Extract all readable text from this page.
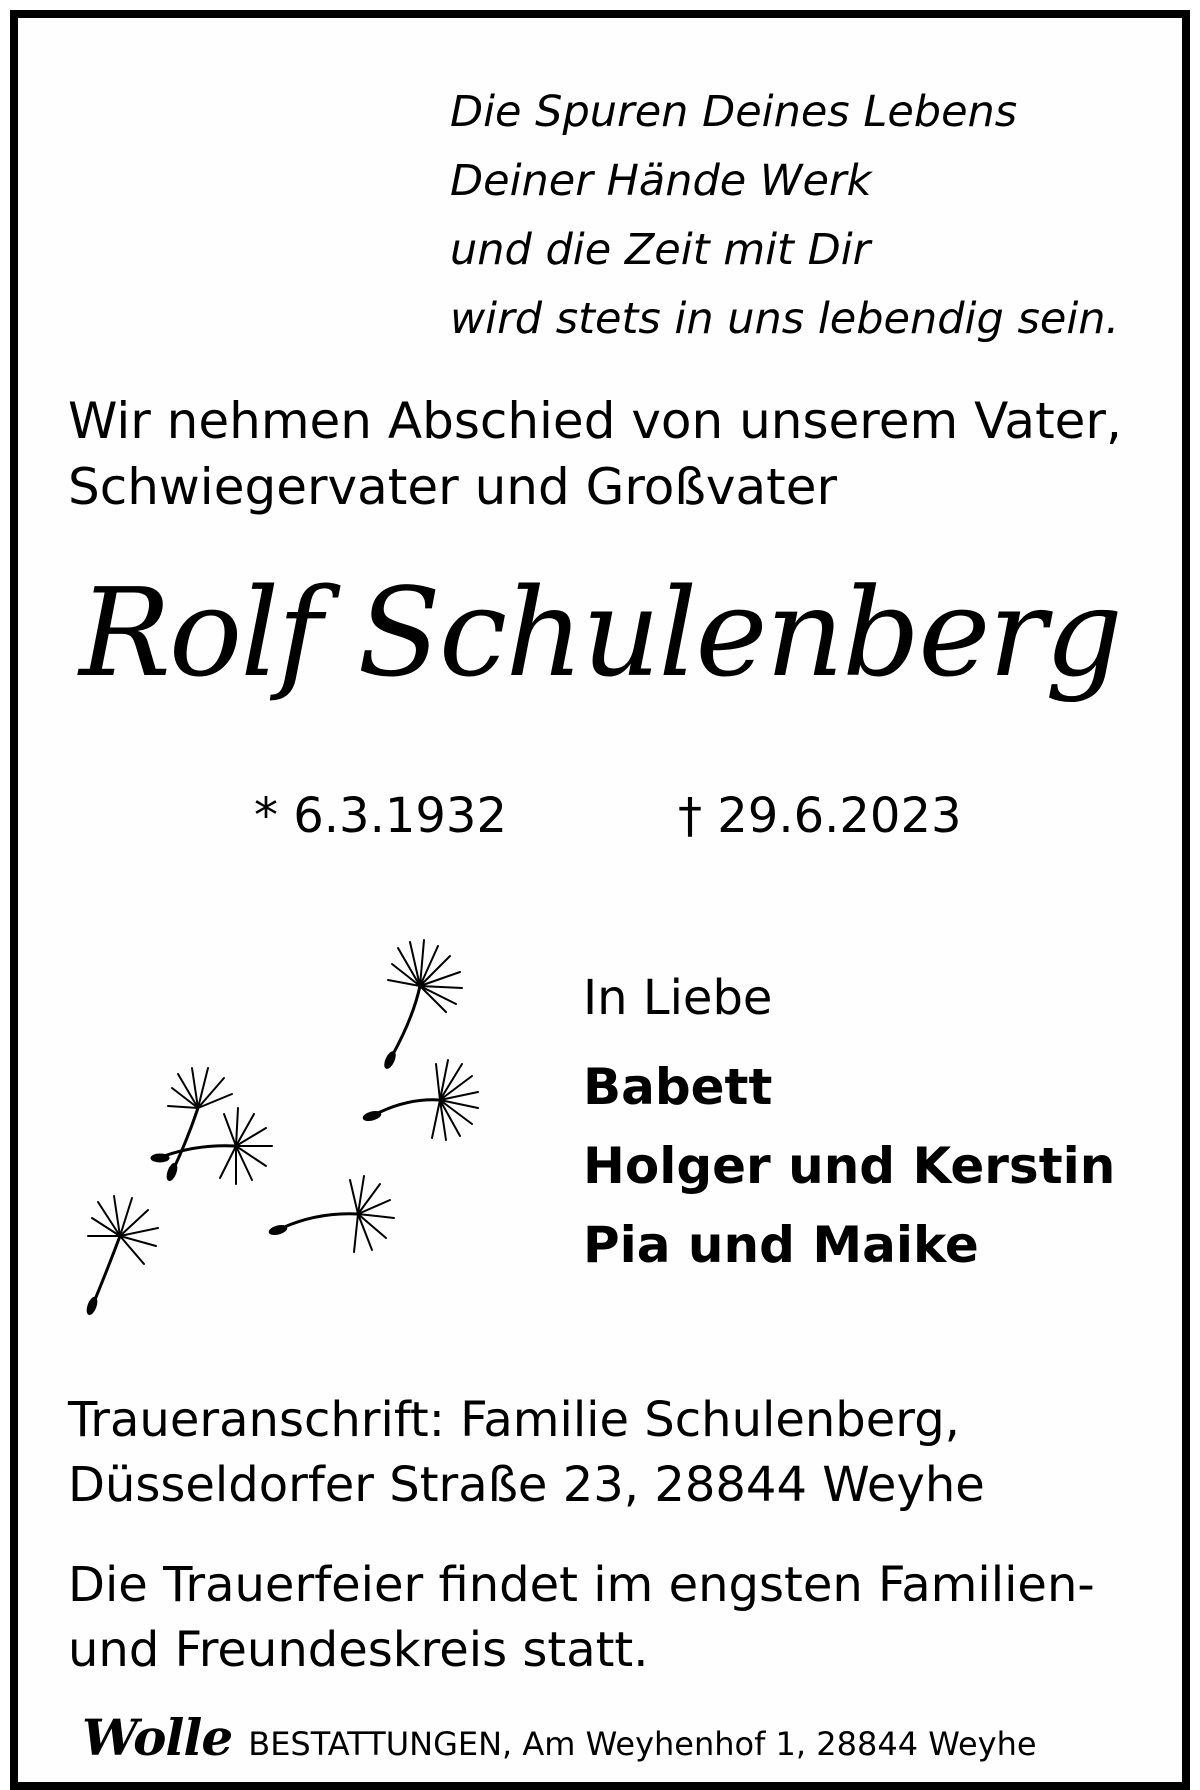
Die Spuren Deines Lebens
Deiner Hände Werk
und die Zeit mit Dir
wird stets in uns lebendig sein.
Wir nehmen Abschied von unserem Vater,
Schwiegervater und Großvater
Rolf Schulenberg
* 6.3.1932	† 29.6.2023
In Liebe
Babett
Holger und Kerstin
Pia und Maike
Traueranschrift: Familie Schulenberg,
Düsseldorfer Straße 23, 28844 Weyhe
Die Trauerfeier findet im engsten Familien-
und Freundeskreis statt.
Wolle BESTATTUNGEN, Am Weyhenhof 1, 28844 Weyhe
